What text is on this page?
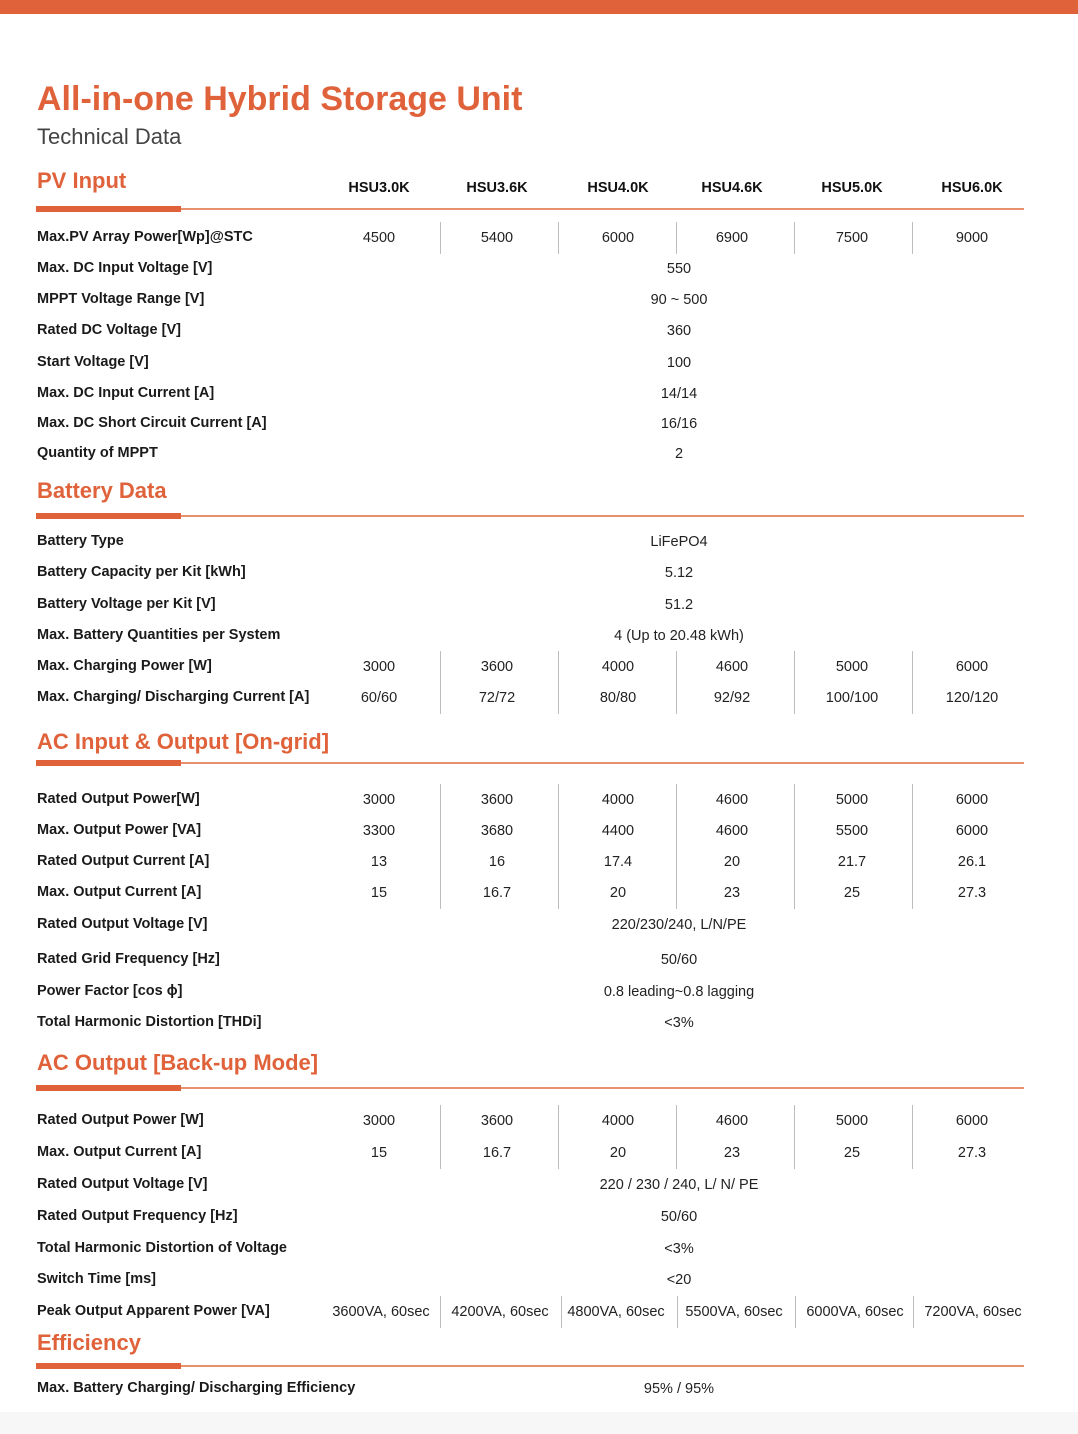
All-in-one Hybrid Storage Unit
Technical Data
PV Input	HSU3.0K	HSU3.6K	HSU4.0K	HSU4.6K	HSU5.0K	HSU6.0K
Max.PV Array Power[Wp]@STC	4500	5400	6000	6900	7500	9000
Max. DC Input Voltage [V]	550
MPPT Voltage Range [V]	90 ~ 500
Rated DC Voltage [V]	360
Start Voltage [V]	100
Max. DC Input Current [A]	14/14
Max. DC Short Circuit Current [A]	16/16
Quantity of MPPT	2
Battery Data
Battery Type	LiFePO4
Battery Capacity per Kit [kWh]	5.12
Battery Voltage per Kit [V]	51.2
Max. Battery Quantities per System	4 (Up to 20.48 kWh)
Max. Charging Power [W]	3000	3600	4000	4600	5000	6000
Max. Charging/ Discharging Current [A]	60/60	72/72	80/80	92/92	100/100	120/120
AC Input & Output [On-grid]
Rated Output Power[W]	3000	3600	4000	4600	5000	6000
Max. Output Power [VA]	3300	3680	4400	4600	5500	6000
Rated Output Current [A]	13	16	17.4	20	21.7	26.1
Max. Output Current [A]	15	16.7	20	23	25	27.3
Rated Output Voltage [V]	220/230/240, L/N/PE
Rated Grid Frequency [Hz]	50/60
Power Factor [cos ϕ]	0.8 leading~0.8 lagging
Total Harmonic Distortion [THDi]	<3%
AC Output [Back-up Mode]
Rated Output Power [W]	3000	3600	4000	4600	5000	6000
Max. Output Current [A]	15	16.7	20	23	25	27.3
Rated Output Voltage [V]	220 / 230 / 240, L/ N/ PE
Rated Output Frequency [Hz]	50/60
Total Harmonic Distortion of Voltage	<3%
Switch Time [ms]	<20
Peak Output Apparent Power [VA]	3600VA, 60sec 4200VA, 60sec 4800VA, 60sec 5500VA, 60sec 6000VA, 60sec 7200VA, 60sec
Efficiency
Max. Battery Charging/ Discharging Efficiency	95% / 95%
